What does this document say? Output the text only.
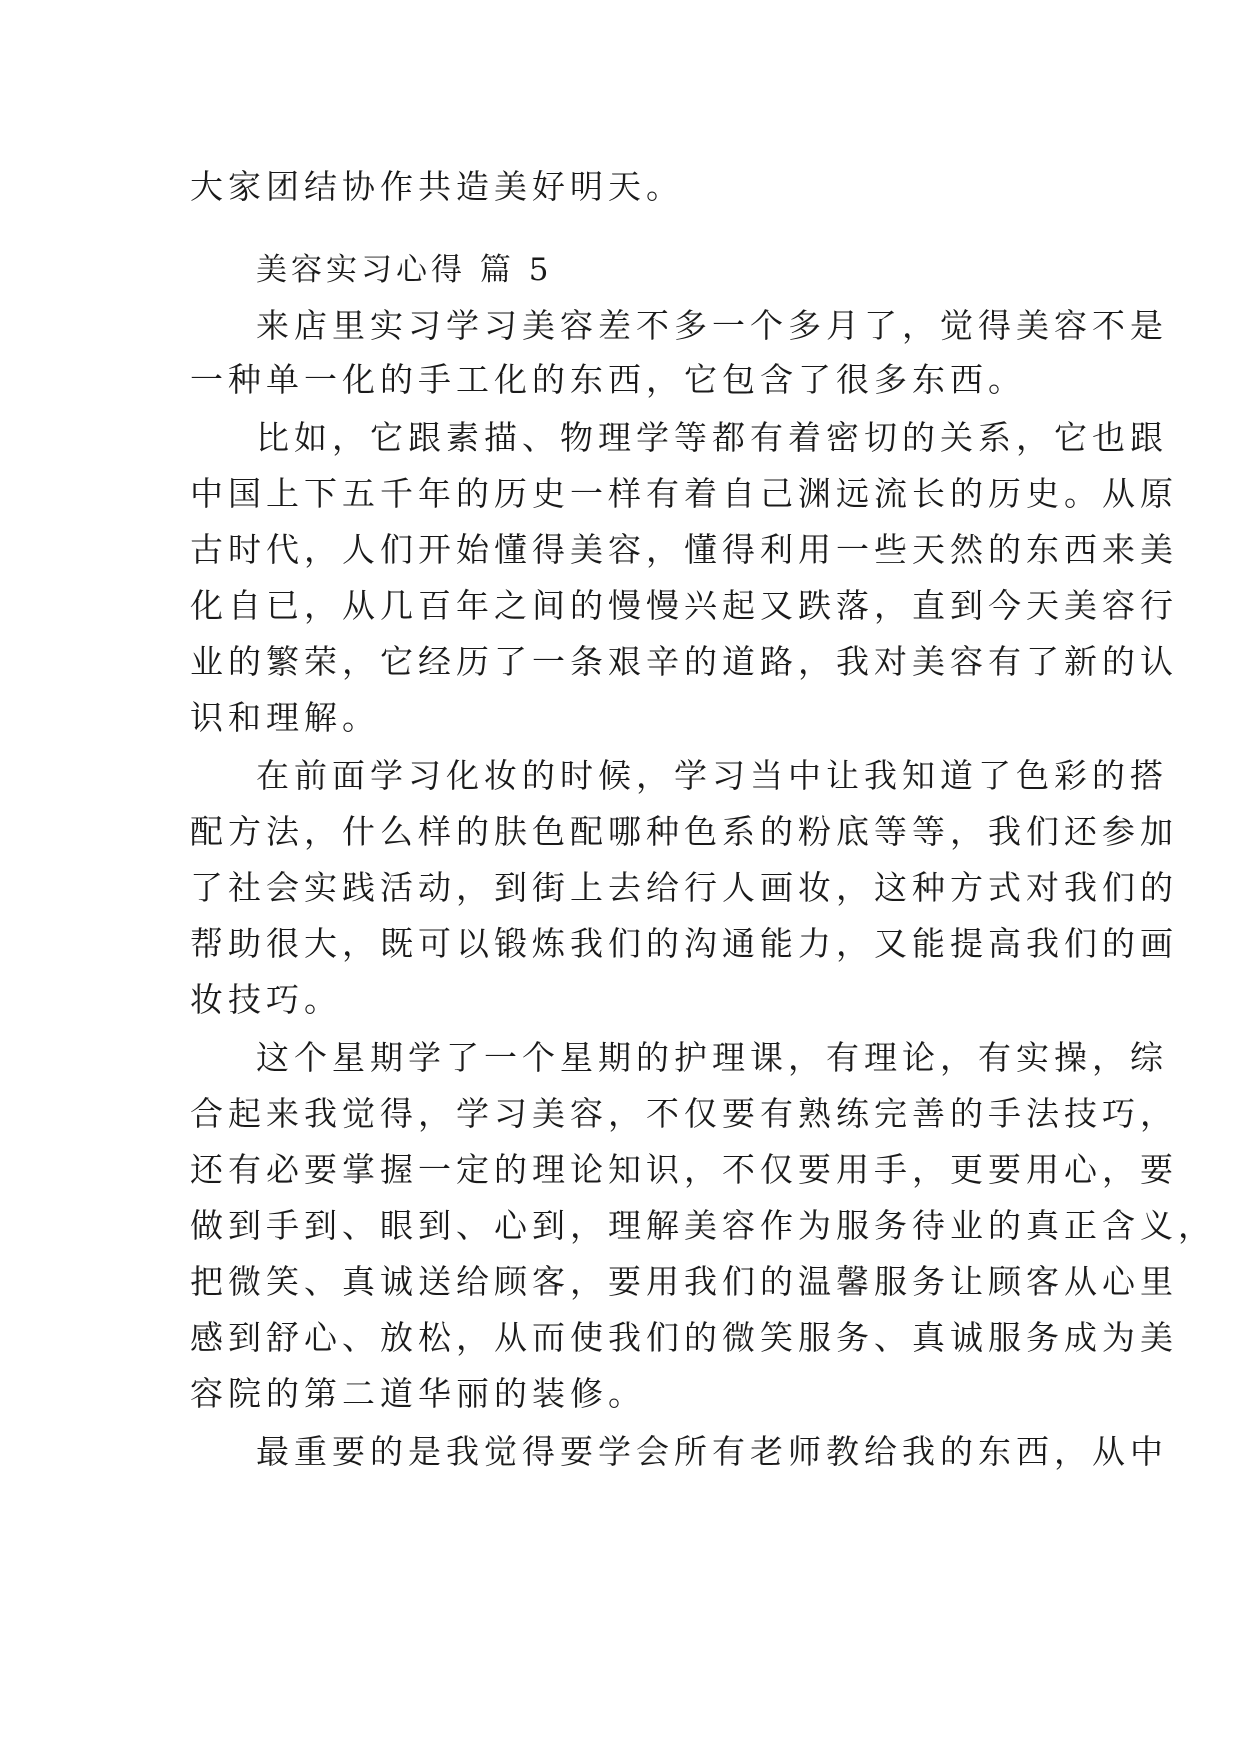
大家团结协作共造美好明天。
美容实习心得 篇 5
来店里实习学习美容差不多一个多月了，觉得美容不是
一种单一化的手工化的东西，它包含了很多东西。
比如，它跟素描、物理学等都有着密切的关系，它也跟
中国上下五千年的历史一样有着自己渊远流长的历史。从原
古时代，人们开始懂得美容，懂得利用一些天然的东西来美
化自已，从几百年之间的慢慢兴起又跌落，直到今天美容行
业的繁荣，它经历了一条艰辛的道路，我对美容有了新的认
识和理解。
在前面学习化妆的时候，学习当中让我知道了色彩的搭
配方法，什么样的肤色配哪种色系的粉底等等，我们还参加
了社会实践活动，到街上去给行人画妆，这种方式对我们的
帮助很大，既可以锻炼我们的沟通能力，又能提高我们的画
妆技巧。
这个星期学了一个星期的护理课，有理论，有实操，综
合起来我觉得，学习美容，不仅要有熟练完善的手法技巧，
还有必要掌握一定的理论知识，不仅要用手，更要用心，要
做到手到、眼到、心到，理解美容作为服务待业的真正含义，
把微笑、真诚送给顾客，要用我们的温馨服务让顾客从心里
感到舒心、放松，从而使我们的微笑服务、真诚服务成为美
容院的第二道华丽的装修。
最重要的是我觉得要学会所有老师教给我的东西，从中
